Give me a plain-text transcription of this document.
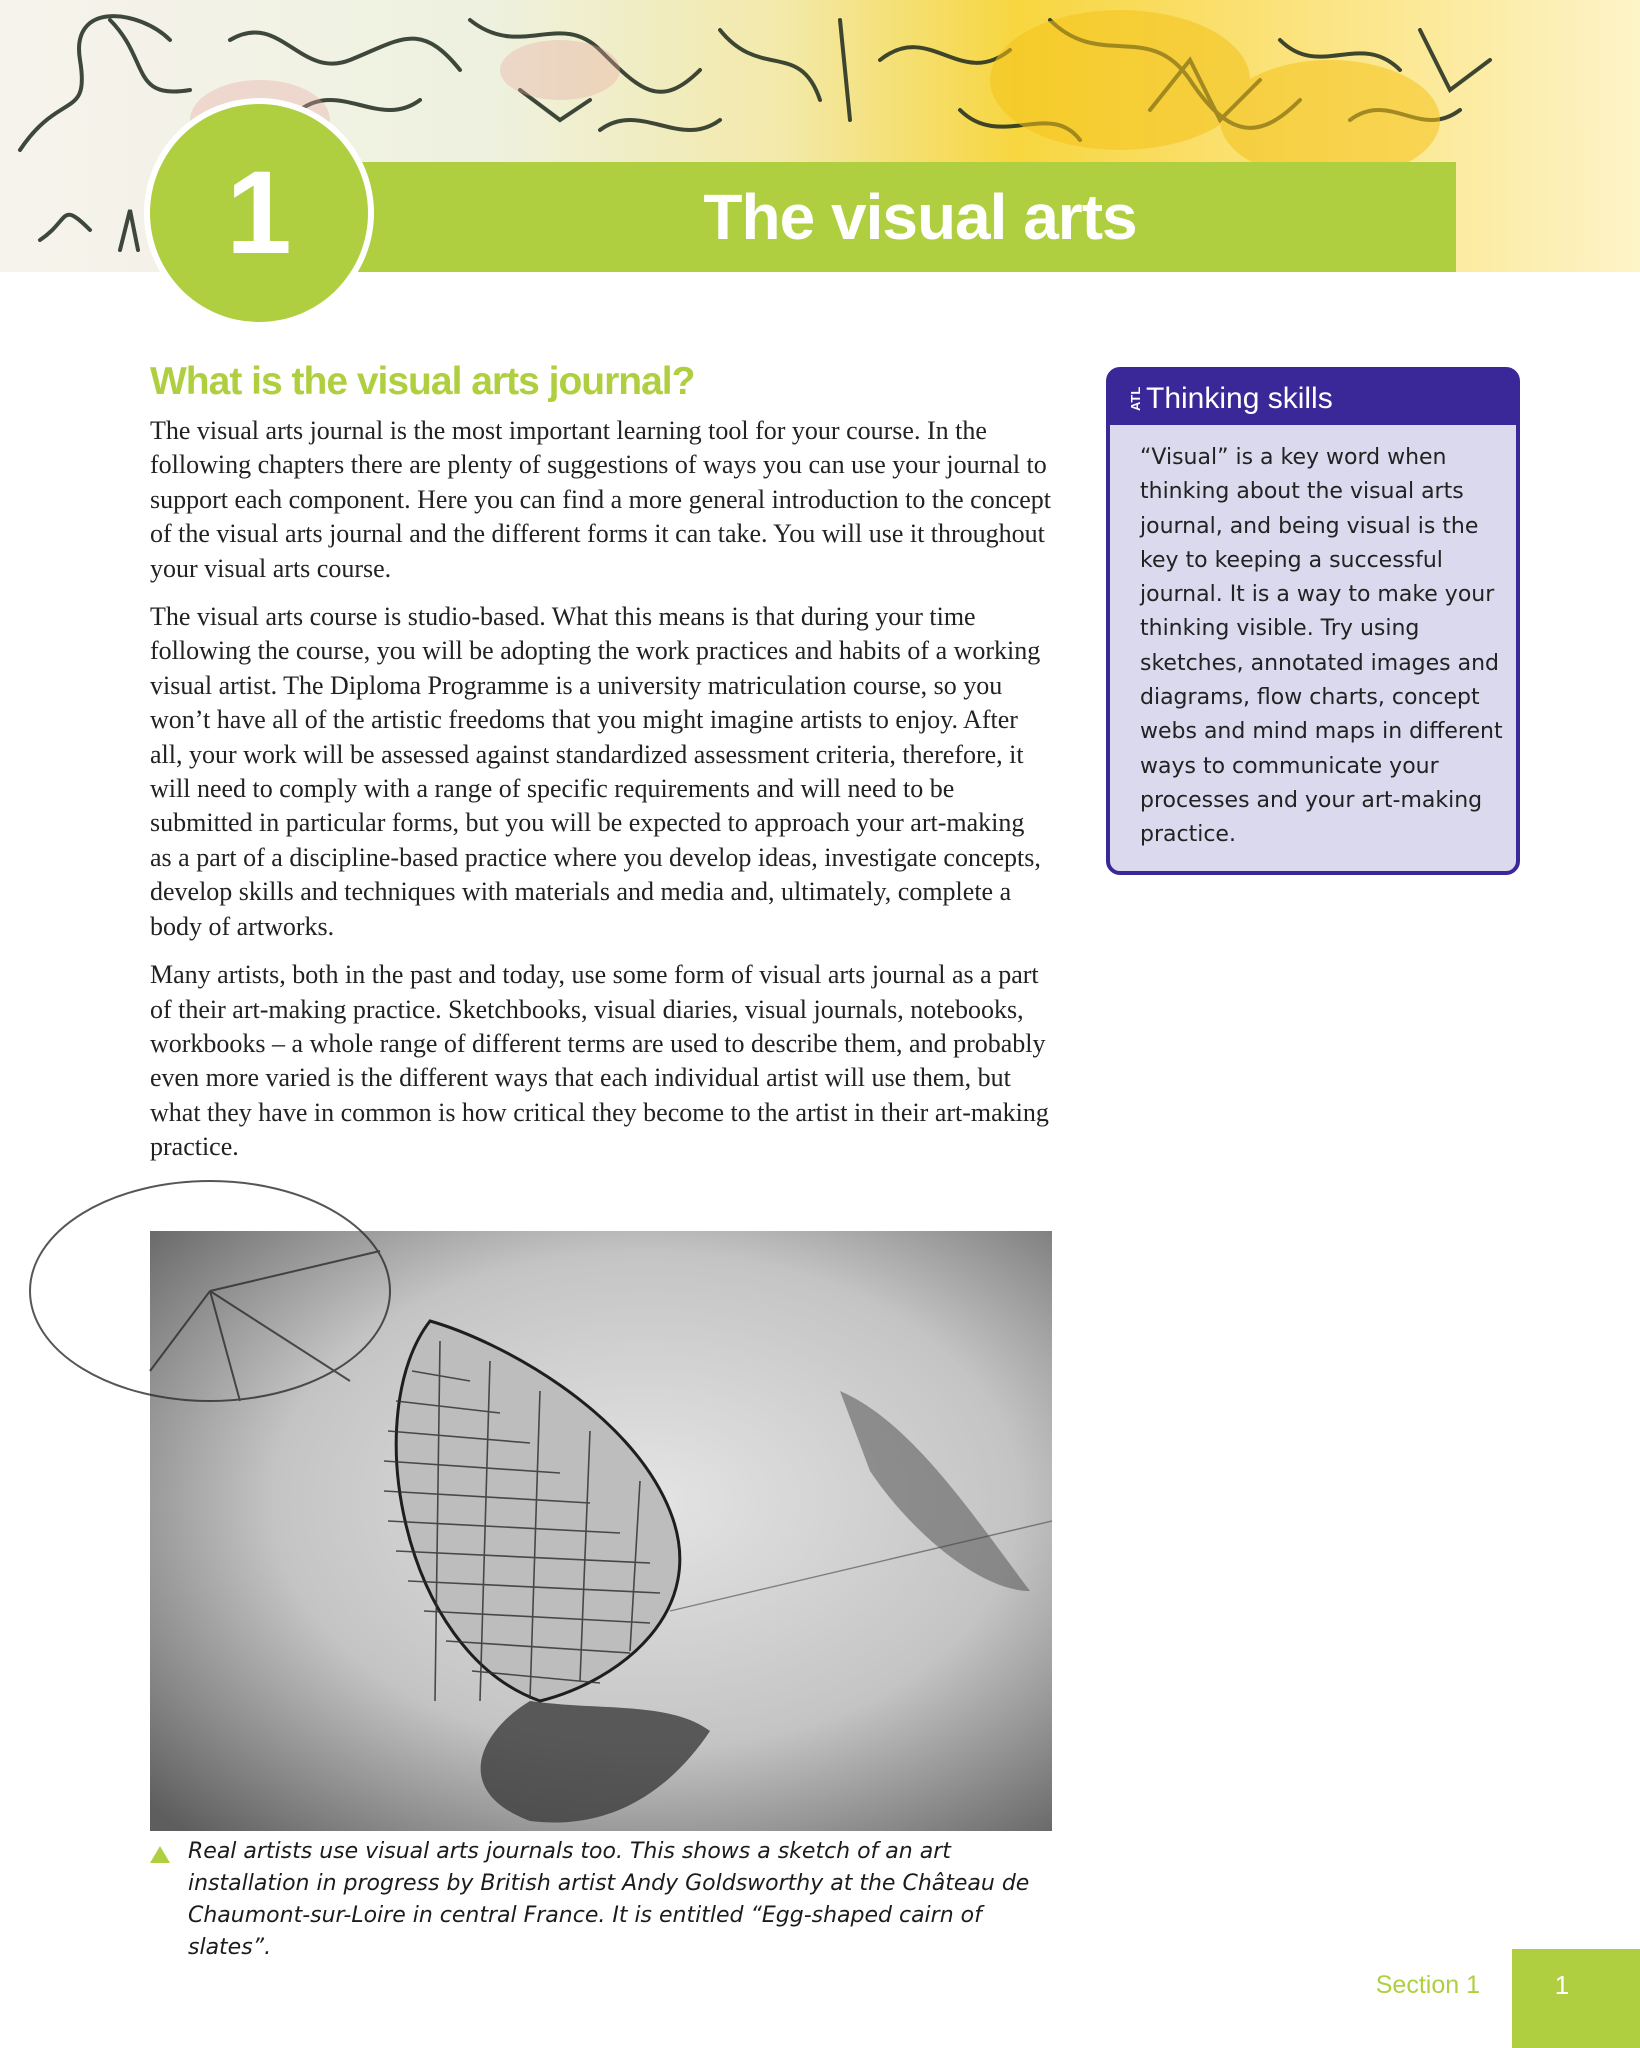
The visual arts journal
1
What is the visual arts journal?

The visual arts journal is the most important learning tool for your course. In the following chapters there are plenty of suggestions of ways you can use your journal to support each component. Here you can find a more general introduction to the concept of the visual arts journal and the different forms it can take. You will use it throughout your visual arts course.

The visual arts course is studio-based. What this means is that during your time following the course, you will be adopting the work practices and habits of a working visual artist. The Diploma Programme is a university matriculation course, so you won’t have all of the artistic freedoms that you might imagine artists to enjoy. After all, your work will be assessed against standardized assessment criteria, therefore, it will need to comply with a range of specific requirements and will need to be submitted in particular forms, but you will be expected to approach your art-making as a part of a discipline-based practice where you develop ideas, investigate concepts, develop skills and techniques with materials and media and, ultimately, complete a body of artworks.

Many artists, both in the past and today, use some form of visual arts journal as a part of their art-making practice. Sketchbooks, visual diaries, visual journals, notebooks, workbooks – a whole range of different terms are used to describe them, and probably even more varied is the different ways that each individual artist will use them, but what they have in common is how critical they become to the artist in their art-making practice.

Real artists use visual arts journals too. This shows a sketch of an art installation in progress by British artist Andy Goldsworthy at the Château de Chaumont-sur-Loire in central France. It is entitled “Egg-shaped cairn of slates”.
ATL Thinking skills

“Visual” is a key word when thinking about the visual arts journal, and being visual is the key to keeping a successful journal. It is a way to make your thinking visible. Try using sketches, annotated images and diagrams, flow charts, concept webs and mind maps in different ways to communicate your processes and your art-making practice.

Section 1	1
